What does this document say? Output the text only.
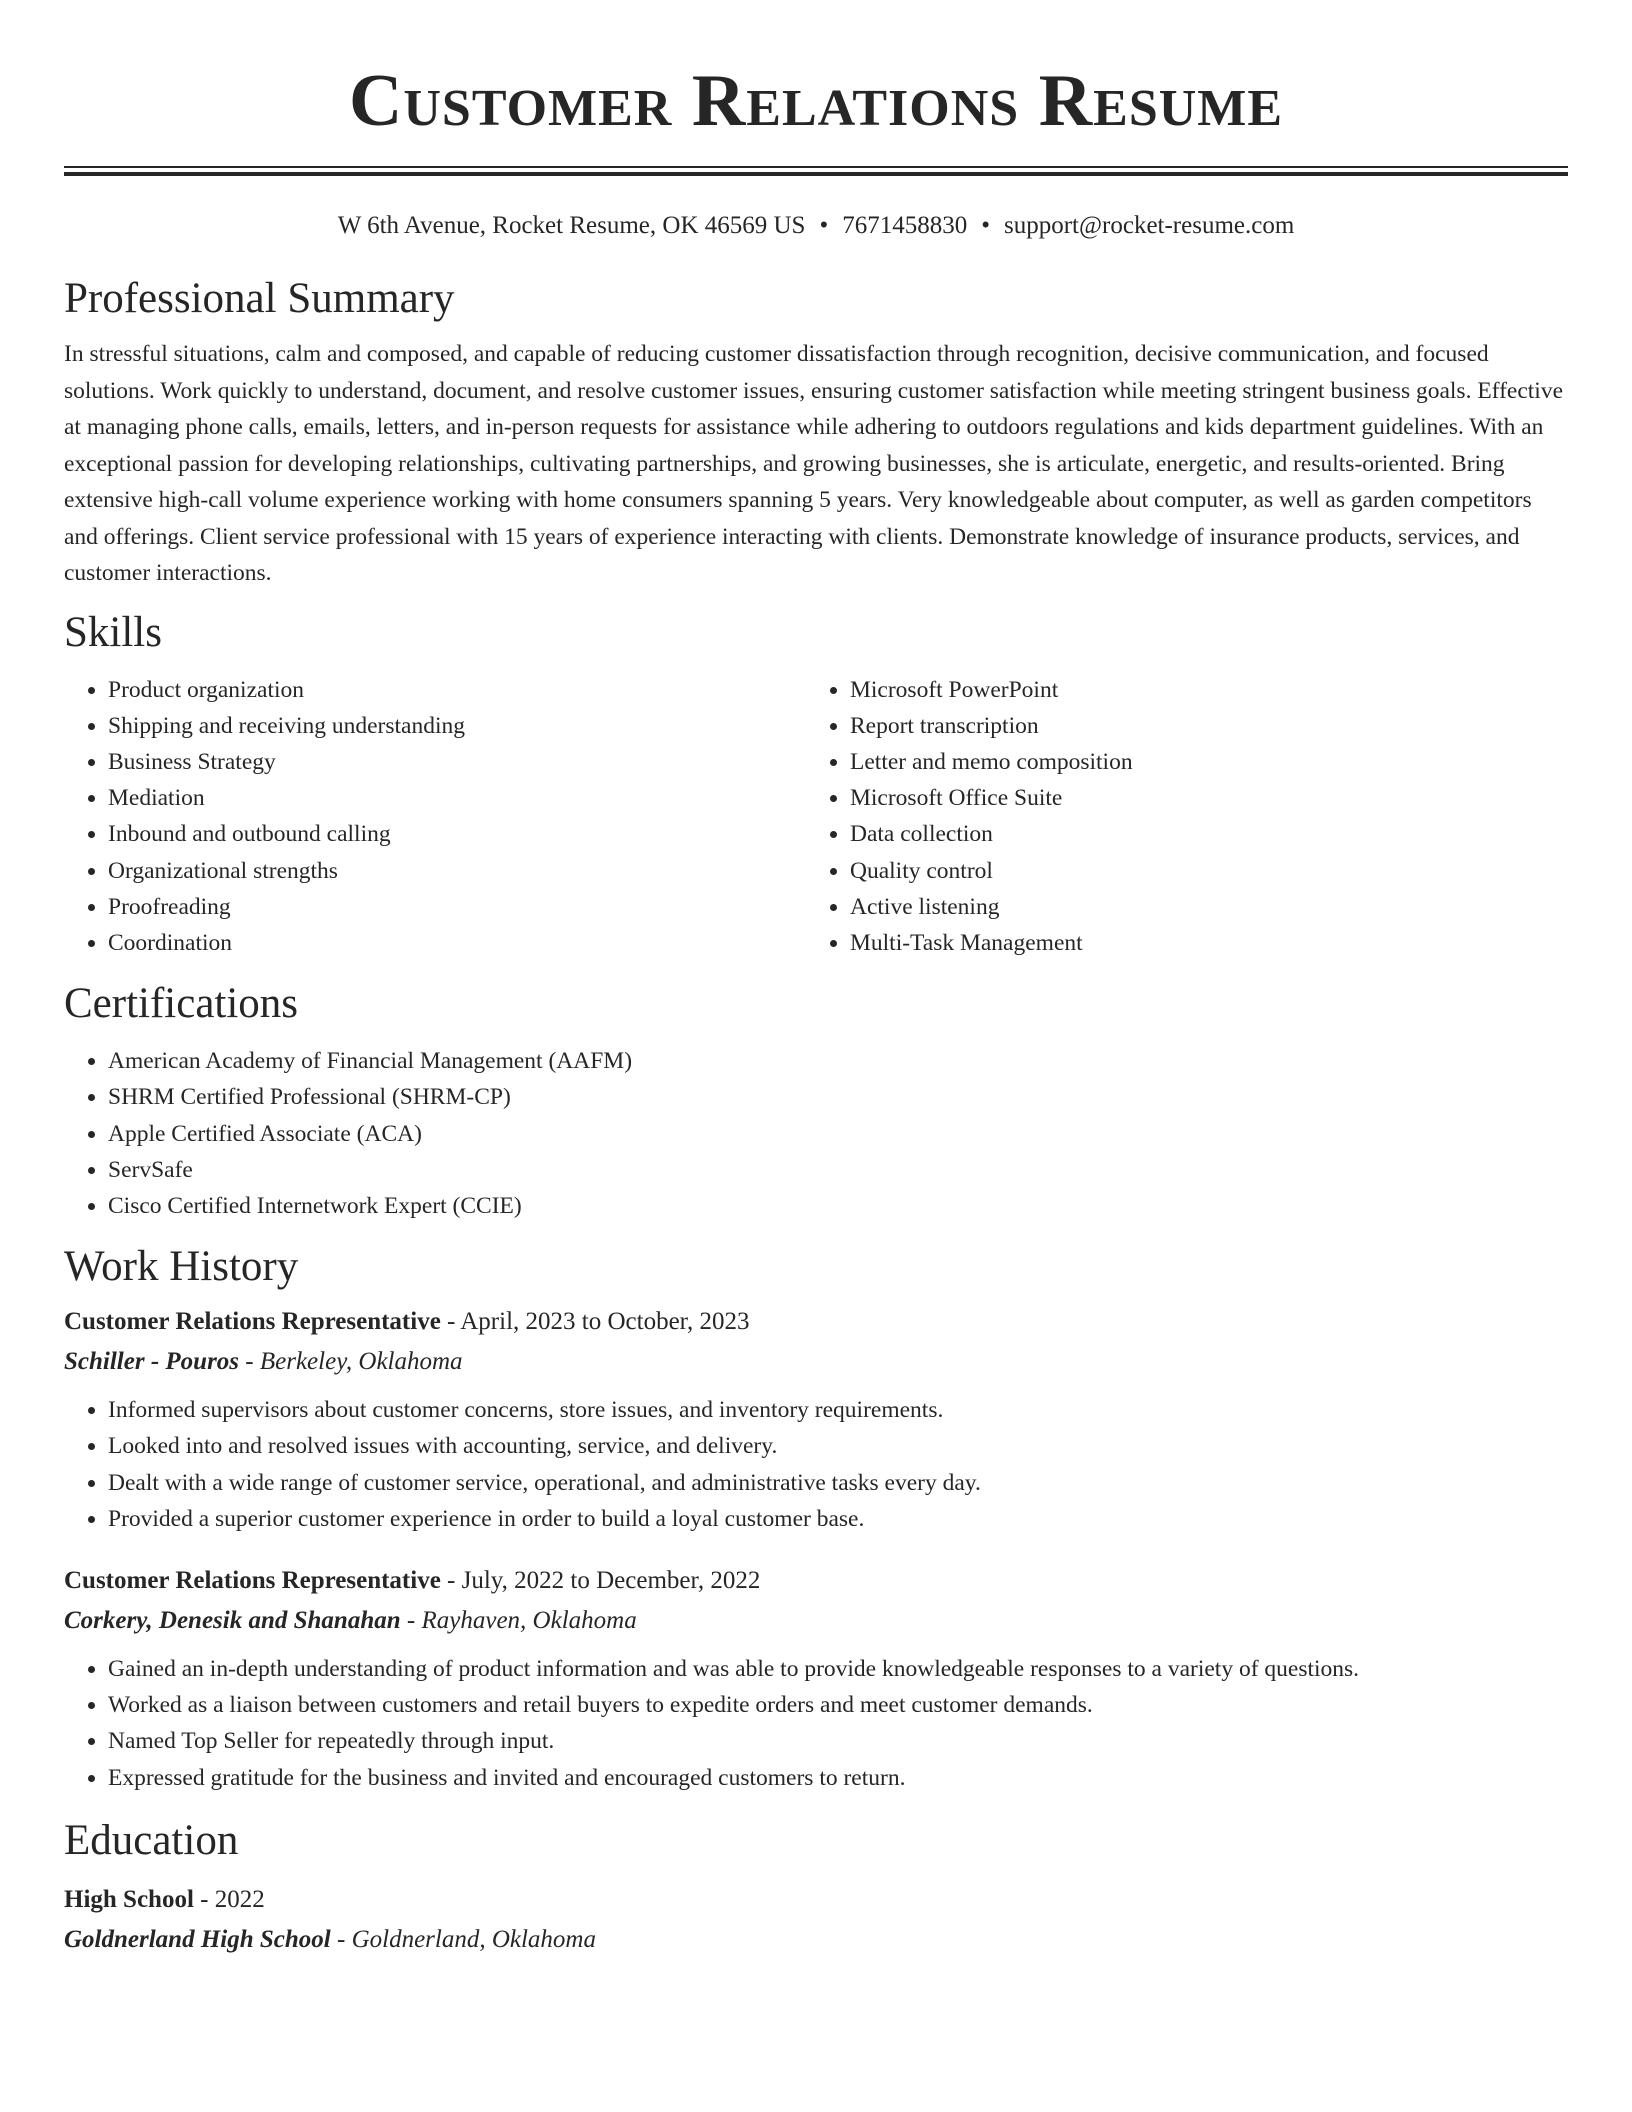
Customer Relations Resume
W 6th Avenue, Rocket Resume, OK 46569 US • 7671458830 • support@rocket-resume.com
Professional Summary

In stressful situations, calm and composed, and capable of reducing customer dissatisfaction through recognition, decisive communication, and focused solutions. Work quickly to understand, document, and resolve customer issues, ensuring customer satisfaction while meeting stringent business goals. Effective at managing phone calls, emails, letters, and in-person requests for assistance while adhering to outdoors regulations and kids department guidelines. With an exceptional passion for developing relationships, cultivating partnerships, and growing businesses, she is articulate, energetic, and results-oriented. Bring extensive high-call volume experience working with home consumers spanning 5 years. Very knowledgeable about computer, as well as garden competitors and offerings. Client service professional with 15 years of experience interacting with clients. Demonstrate knowledge of insurance products, services, and customer interactions.

Skills
• Product organization
• Shipping and receiving understanding
• Business Strategy
• Mediation
• Inbound and outbound calling
• Organizational strengths
• Proofreading
• Coordination
• Microsoft PowerPoint
• Report transcription
• Letter and memo composition
• Microsoft Office Suite
• Data collection
• Quality control
• Active listening
• Multi-Task Management
Certifications
• American Academy of Financial Management (AAFM)
• SHRM Certified Professional (SHRM-CP)
• Apple Certified Associate (ACA)
• ServSafe
• Cisco Certified Internetwork Expert (CCIE)
Work History
Customer Relations Representative - April, 2023 to October, 2023
Schiller - Pouros - Berkeley, Oklahoma
• Informed supervisors about customer concerns, store issues, and inventory requirements.
• Looked into and resolved issues with accounting, service, and delivery.
• Dealt with a wide range of customer service, operational, and administrative tasks every day.
• Provided a superior customer experience in order to build a loyal customer base.
Customer Relations Representative - July, 2022 to December, 2022
Corkery, Denesik and Shanahan - Rayhaven, Oklahoma
• Gained an in-depth understanding of product information and was able to provide knowledgeable responses to a variety of questions.
• Worked as a liaison between customers and retail buyers to expedite orders and meet customer demands.
• Named Top Seller for repeatedly through input.
• Expressed gratitude for the business and invited and encouraged customers to return.
Education
High School - 2022
Goldnerland High School - Goldnerland, Oklahoma
